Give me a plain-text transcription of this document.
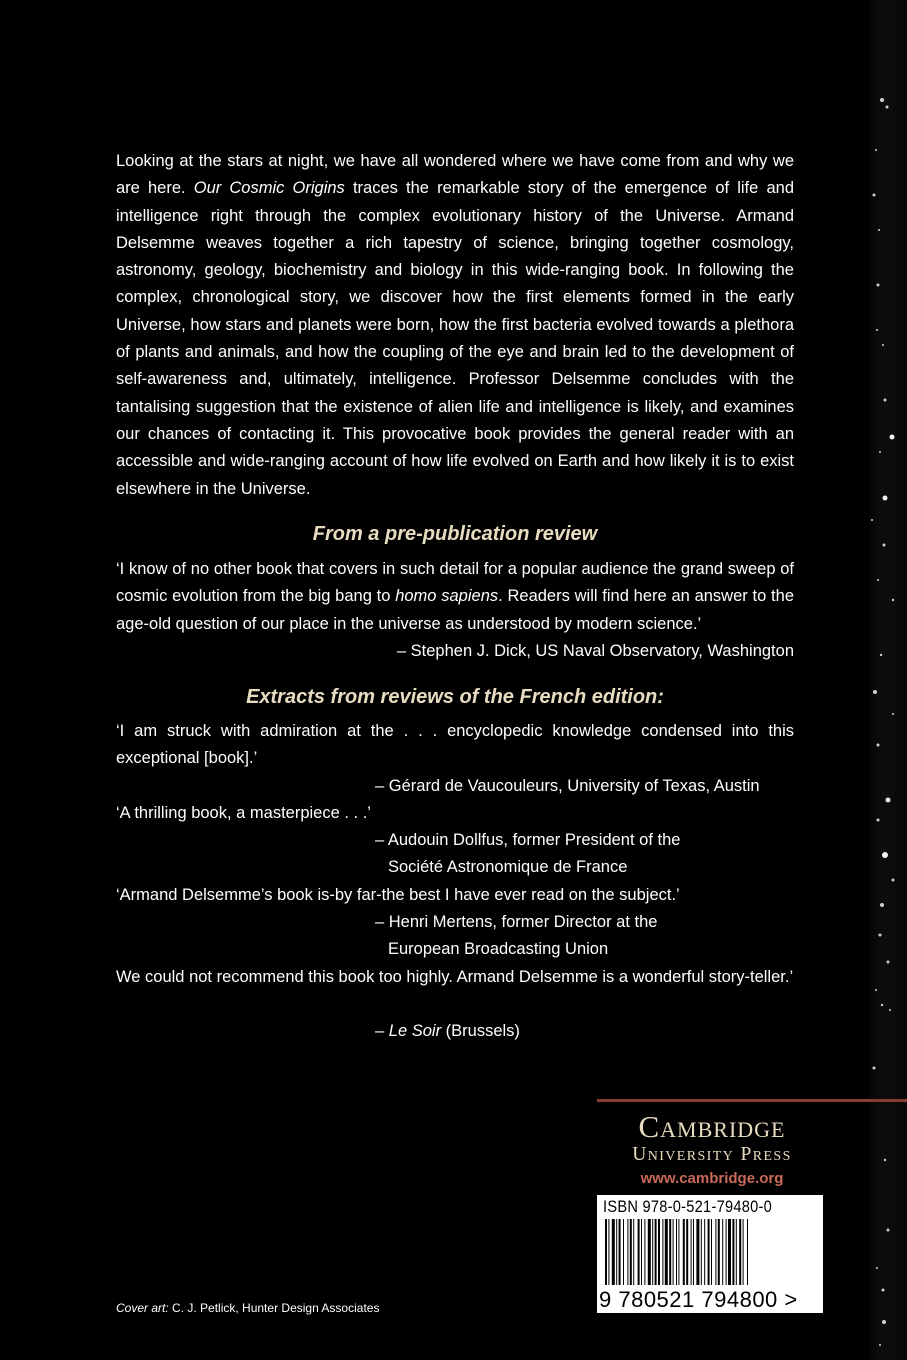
Looking at the stars at night, we have all wondered where we have come from and why we are here. Our Cosmic Origins traces the remarkable story of the emergence of life and intelligence right through the complex evolutionary history of the Universe. Armand Delsemme weaves together a rich tapestry of science, bringing together cosmology, astronomy, geology, biochemistry and biology in this wide-ranging book. In following the complex, chronological story, we discover how the first elements formed in the early Universe, how stars and planets were born, how the first bacteria evolved towards a plethora of plants and animals, and how the coupling of the eye and brain led to the development of self-awareness and, ultimately, intelligence. Professor Delsemme concludes with the tantalising suggestion that the existence of alien life and intelligence is likely, and examines our chances of contacting it. This provocative book provides the general reader with an accessible and wide-ranging account of how life evolved on Earth and how likely it is to exist elsewhere in the Universe.

From a pre-publication review

‘I know of no other book that covers in such detail for a popular audience the grand sweep of cosmic evolution from the big bang to homo sapiens. Readers will find here an answer to the age-old question of our place in the universe as understood by modern science.’

– Stephen J. Dick, US Naval Observatory, Washington

Extracts from reviews of the French edition:

‘I am struck with admiration at the . . . encyclopedic knowledge condensed into this exceptional [book].’

– Gérard de Vaucouleurs, University of Texas, Austin

‘A thrilling book, a masterpiece . . .’

– Audouin Dollfus, former President of the

Société Astronomique de France

‘Armand Delsemme’s book is-by far-the best I have ever read on the subject.’

– Henri Mertens, former Director at the

European Broadcasting Union

We could not recommend this book too highly. Armand Delsemme is a wonderful story-teller.’

– Le Soir (Brussels)

Cambridge
University Press
www.cambridge.org
ISBN 978-0-521-79480-0
9 780521 794800 >

Cover art: C. J. Petlick, Hunter Design Associates
